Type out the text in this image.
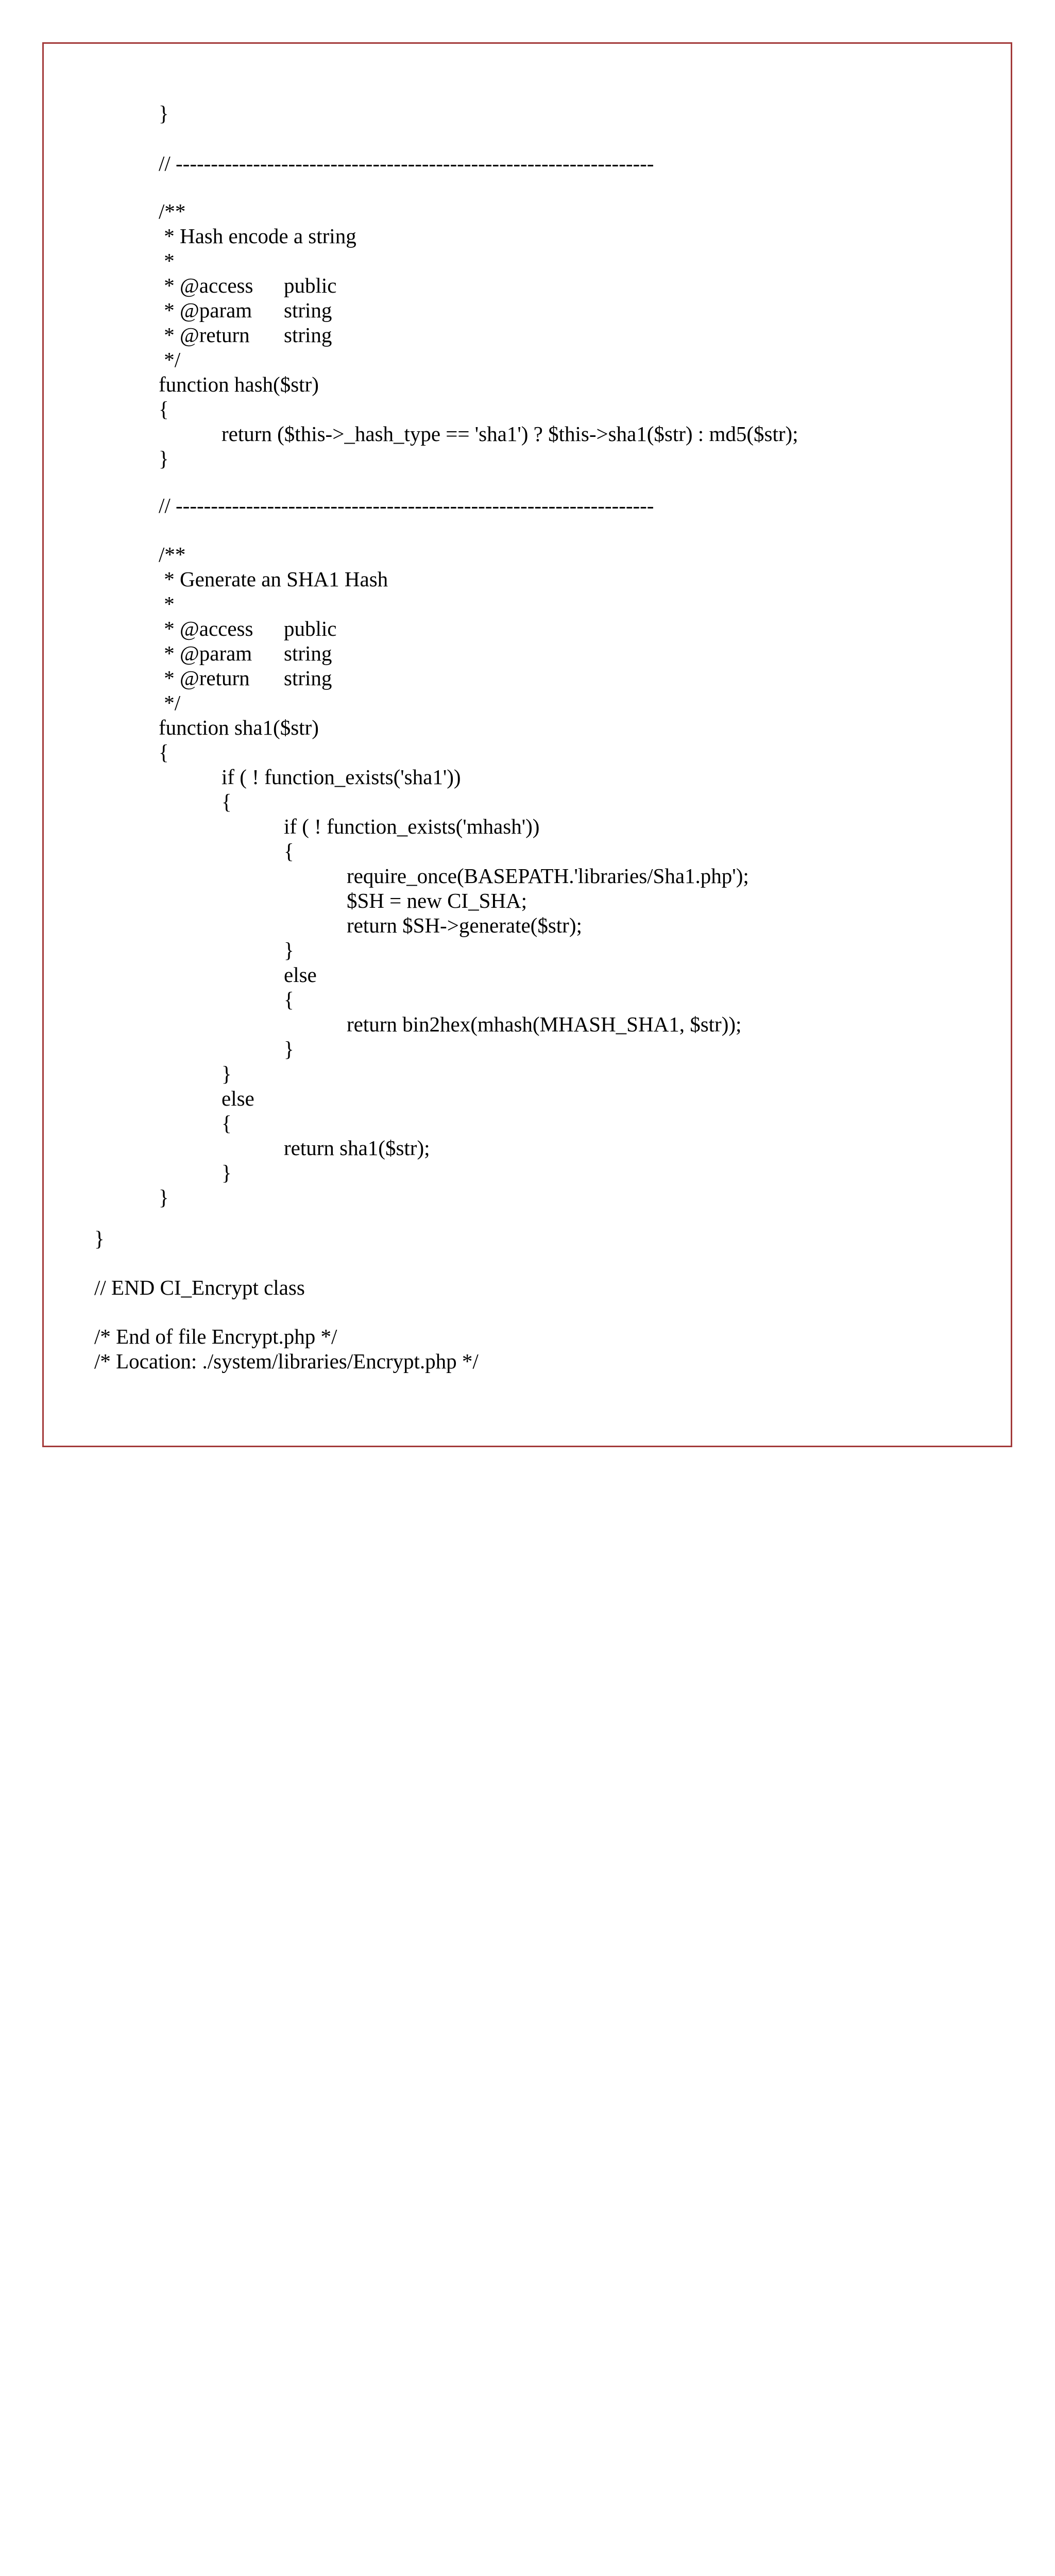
}
// --------------------------------------------------------------------
/**
* Hash encode a string
*
* @access public
* @param string
* @return string
*/
function hash($str)
{
return ($this->_hash_type == 'sha1') ? $this->sha1($str) : md5($str);
}
// --------------------------------------------------------------------
/**
* Generate an SHA1 Hash
*
* @access public
* @param string
* @return string
*/
function sha1($str)
{
if ( ! function_exists('sha1'))
{
if ( ! function_exists('mhash'))
{
require_once(BASEPATH.'libraries/Sha1.php');
$SH = new CI_SHA;
return $SH->generate($str);
}
else
{
return bin2hex(mhash(MHASH_SHA1, $str));
}
}
else
{
return sha1($str);
}
}
}
// END CI_Encrypt class
/* End of file Encrypt.php */
/* Location: ./system/libraries/Encrypt.php */
